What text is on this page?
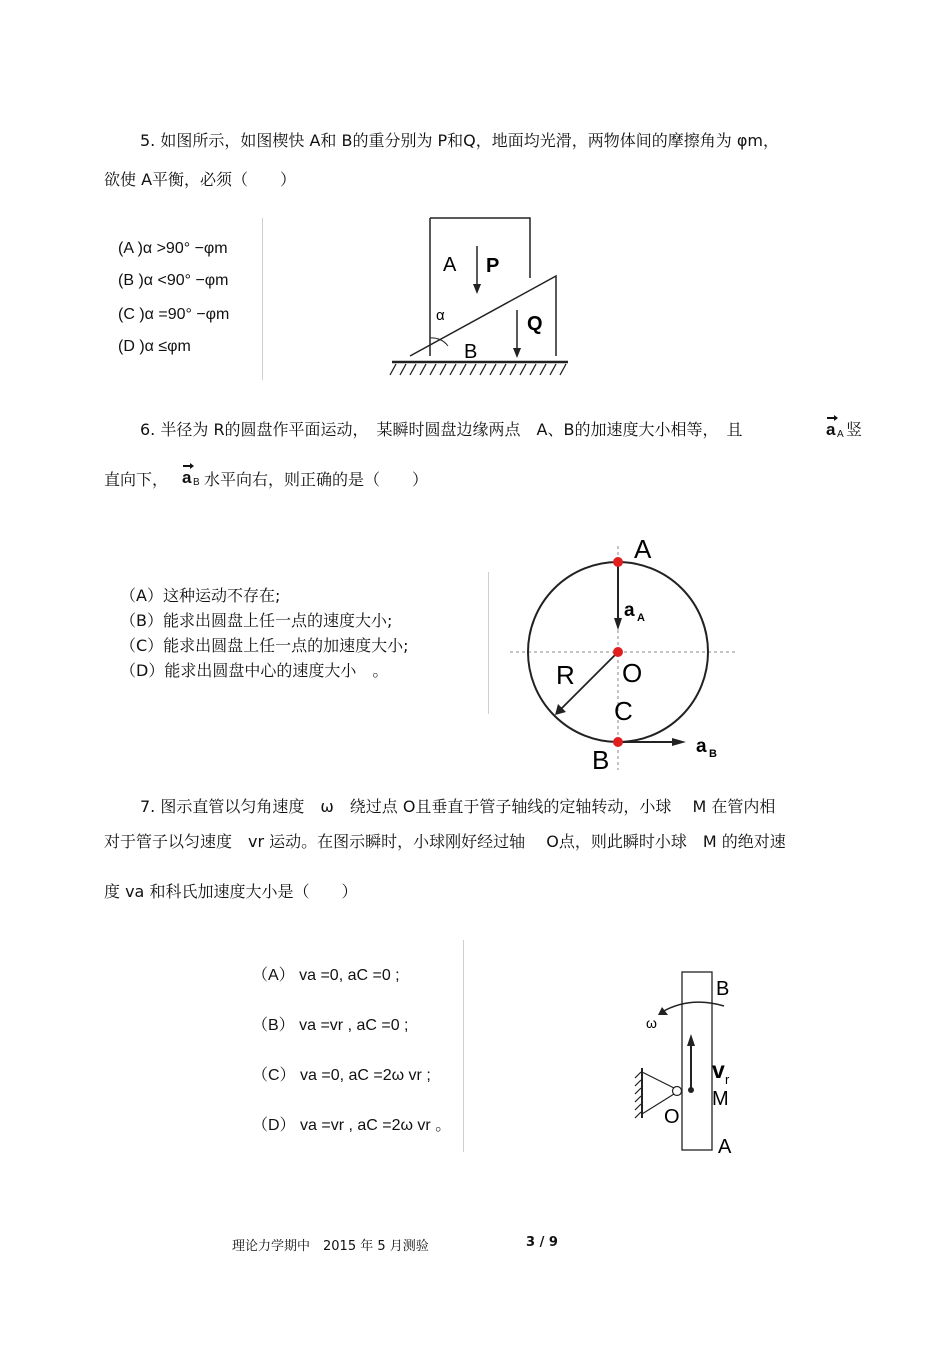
5. 如图所示，如图楔快 A和 B的重分别为 P和Q，地面均光滑，两物体间的摩擦角为 φm，
欲使 A平衡，必须（　　）
(A )α >90° −φm
(B )α <90° −φm
(C )α =90° −φm
(D )α ≤φm
A P
Q
B
α
6. 半径为 R的圆盘作平面运动，　某瞬时圆盘边缘两点　A、B的加速度大小相等，　且	a A 竖
直向下， a B 水平向右，则正确的是（　　）
（A）这种运动不存在;
（B）能求出圆盘上任一点的速度大小;
（C）能求出圆盘上任一点的加速度大小;
（D）能求出圆盘中心的速度大小　。
A
a A
R O
C
B	a B
7. 图示直管以匀角速度　ω　绕过点 O且垂直于管子轴线的定轴转动，小球　 M 在管内相
对于管子以匀速度　vr 运动。在图示瞬时，小球刚好经过轴　 O点，则此瞬时小球　M 的绝对速
度 va 和科氏加速度大小是（　　）
（A） va =0, aC =0 ;
（B） va =vr , aC =0 ;
（C） va =0, aC =2ω vr ;
（D） va =vr , aC =2ω vr 。
B
ω
v r
M
O
A
理论力学期中　2015 年 5 月测验	3 / 9
